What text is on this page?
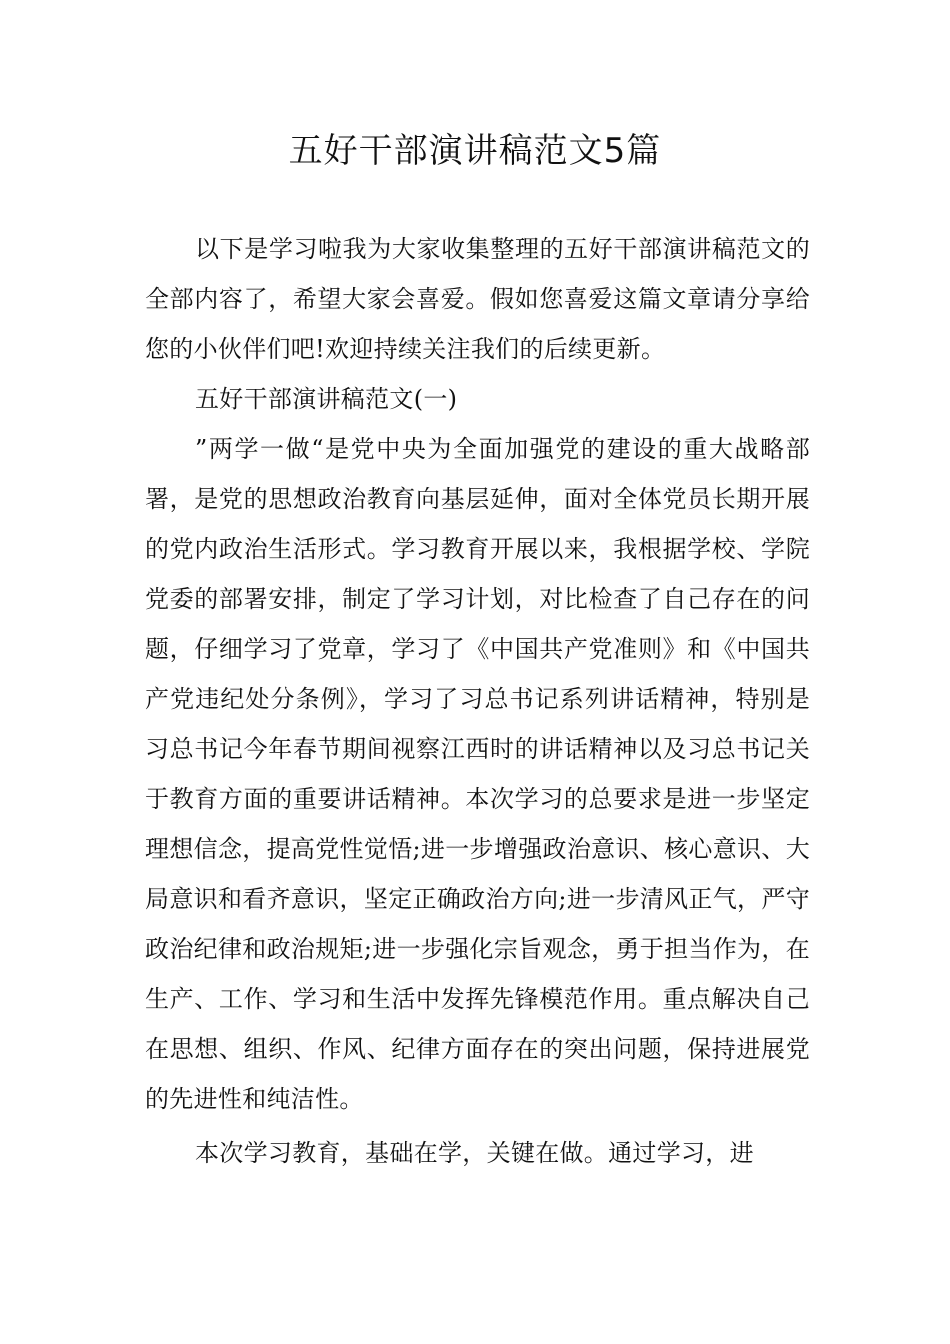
五好干部演讲稿范文5篇

以下是学习啦我为大家收集整理的五好干部演讲稿范文的全部内容了，希望大家会喜爱。假如您喜爱这篇文章请分享给您的小伙伴们吧!欢迎持续关注我们的后续更新。

五好干部演讲稿范文(一)

”两学一做“是党中央为全面加强党的建设的重大战略部署，是党的思想政治教育向基层延伸，面对全体党员长期开展的党内政治生活形式。学习教育开展以来，我根据学校、学院党委的部署安排，制定了学习计划，对比检查了自己存在的问题，仔细学习了党章，学习了《中国共产党准则》和《中国共产党违纪处分条例》，学习了习总书记系列讲话精神，特别是习总书记今年春节期间视察江西时的讲话精神以及习总书记关于教育方面的重要讲话精神。本次学习的总要求是进一步坚定理想信念，提高党性觉悟;进一步增强政治意识、核心意识、大局意识和看齐意识，坚定正确政治方向;进一步清风正气，严守政治纪律和政治规矩;进一步强化宗旨观念，勇于担当作为，在生产、工作、学习和生活中发挥先锋模范作用。重点解决自己在思想、组织、作风、纪律方面存在的突出问题，保持进展党的先进性和纯洁性。

本次学习教育，基础在学，关键在做。通过学习，进
